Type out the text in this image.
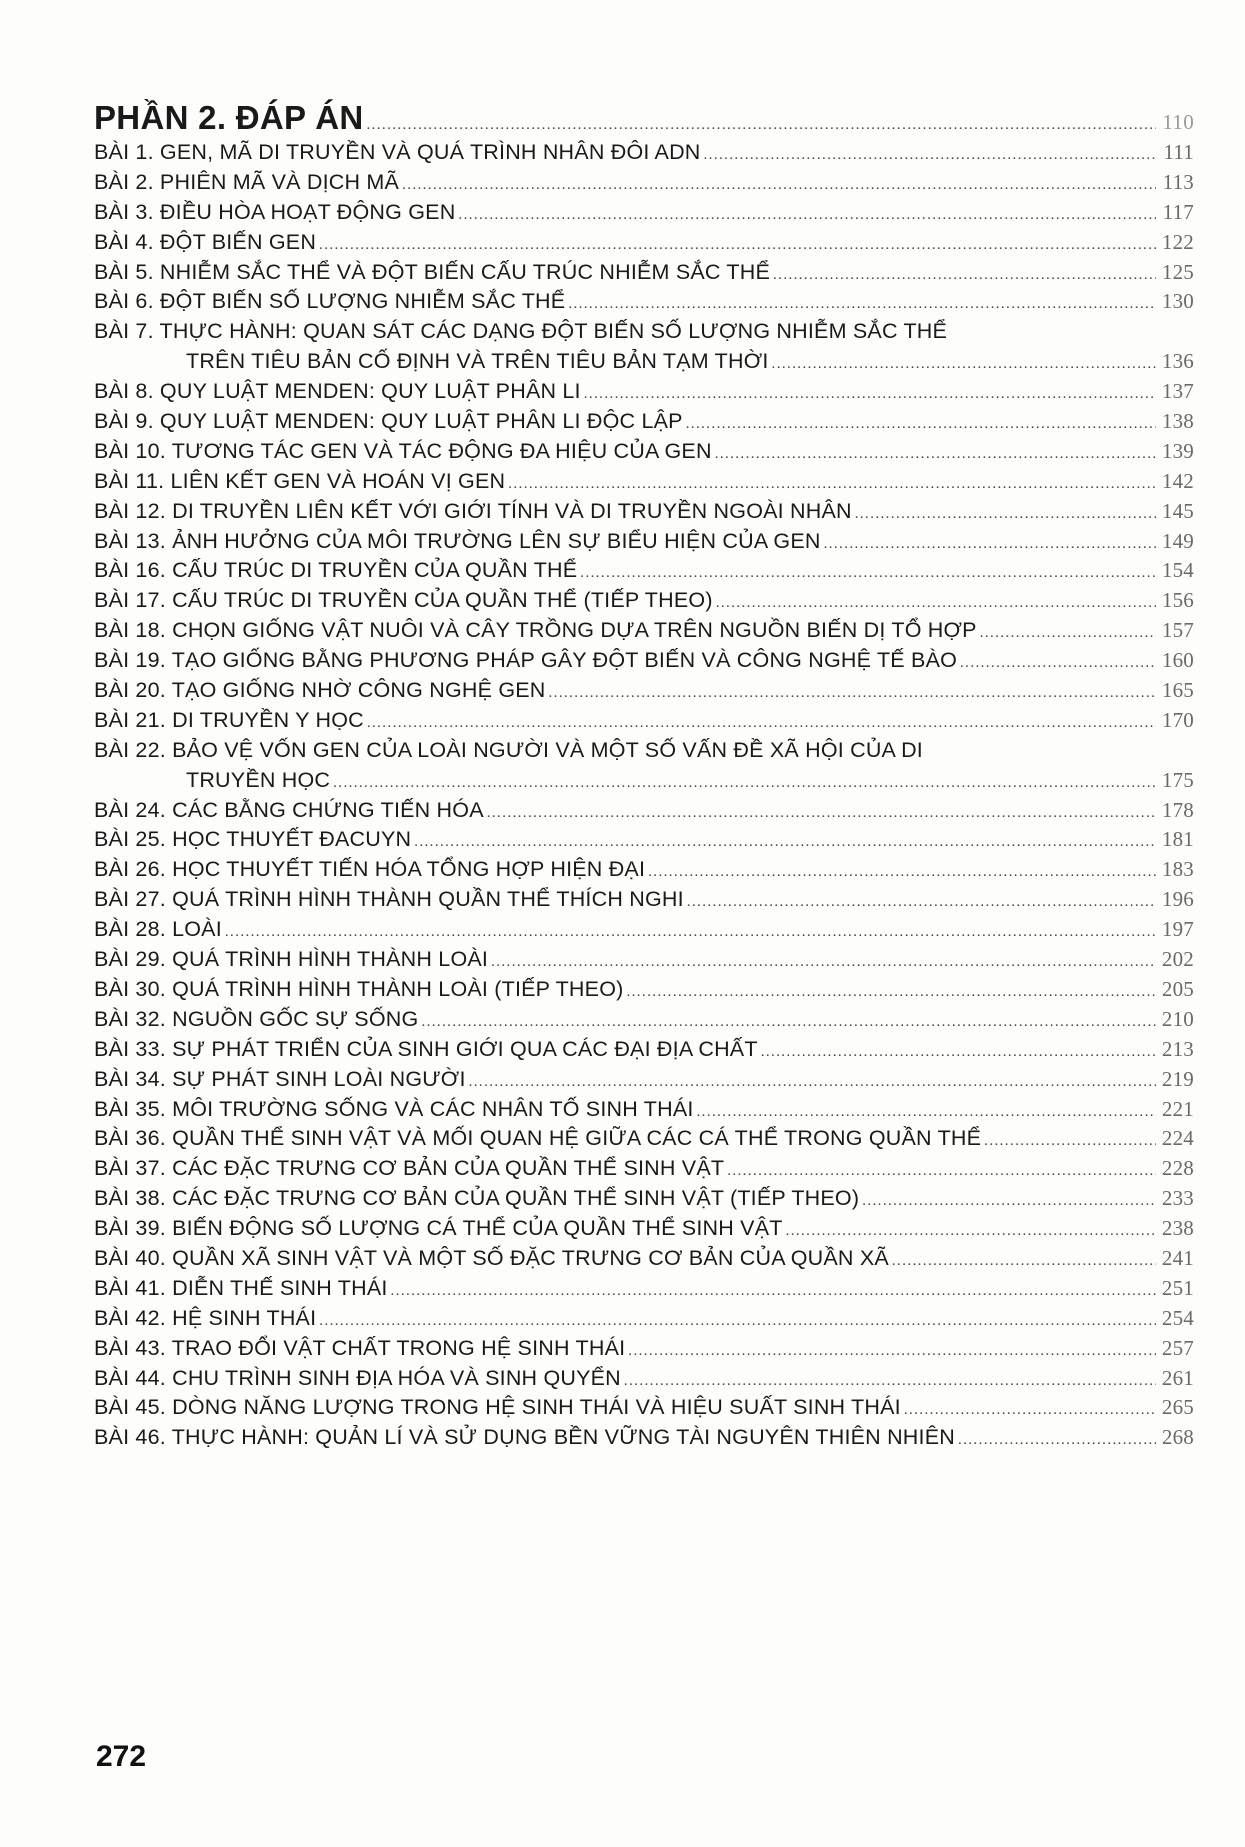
PHẦN 2. ĐÁP ÁN .....	110
BÀI 1. GEN, MÃ DI TRUYỀN VÀ QUÁ TRÌNH NHÂN ĐÔI ADN .....	111
BÀI 2. PHIÊN MÃ VÀ DỊCH MÃ .....	113
BÀI 3. ĐIỀU HÒA HOẠT ĐỘNG GEN .....	117
BÀI 4. ĐỘT BIẾN GEN .....	122
BÀI 5. NHIỄM SẮC THỂ VÀ ĐỘT BIẾN CẤU TRÚC NHIỄM SẮC THỂ .....	125
BÀI 6. ĐỘT BIẾN SỐ LƯỢNG NHIỄM SẮC THỂ .....	130
BÀI 7. THỰC HÀNH: QUAN SÁT CÁC DẠNG ĐỘT BIẾN SỐ LƯỢNG NHIỄM SẮC THỂ
TRÊN TIÊU BẢN CỐ ĐỊNH VÀ TRÊN TIÊU BẢN TẠM THỜI .....	136
BÀI 8. QUY LUẬT MENDEN: QUY LUẬT PHÂN LI .....	137
BÀI 9. QUY LUẬT MENDEN: QUY LUẬT PHÂN LI ĐỘC LẬP .....	138
BÀI 10. TƯƠNG TÁC GEN VÀ TÁC ĐỘNG ĐA HIỆU CỦA GEN .....	139
BÀI 11. LIÊN KẾT GEN VÀ HOÁN VỊ GEN .....	142
BÀI 12. DI TRUYỀN LIÊN KẾT VỚI GIỚI TÍNH VÀ DI TRUYỀN NGOÀI NHÂN .....	145
BÀI 13. ẢNH HƯỞNG CỦA MÔI TRƯỜNG LÊN SỰ BIỂU HIỆN CỦA GEN .....	149
BÀI 16. CẤU TRÚC DI TRUYỀN CỦA QUẦN THỂ .....	154
BÀI 17. CẤU TRÚC DI TRUYỀN CỦA QUẦN THỂ (TIẾP THEO) .....	156
BÀI 18. CHỌN GIỐNG VẬT NUÔI VÀ CÂY TRỒNG DỰA TRÊN NGUỒN BIẾN DỊ TỔ HỢP .....	157
BÀI 19. TẠO GIỐNG BẰNG PHƯƠNG PHÁP GÂY ĐỘT BIẾN VÀ CÔNG NGHỆ TẾ BÀO .....	160
BÀI 20. TẠO GIỐNG NHỜ CÔNG NGHỆ GEN .....	165
BÀI 21. DI TRUYỀN Y HỌC .....	170
BÀI 22. BẢO VỆ VỐN GEN CỦA LOÀI NGƯỜI VÀ MỘT SỐ VẤN ĐỀ XÃ HỘI CỦA DI
TRUYỀN HỌC .....	175
BÀI 24. CÁC BẰNG CHỨNG TIẾN HÓA .....	178
BÀI 25. HỌC THUYẾT ĐACUYN .....	181
BÀI 26. HỌC THUYẾT TIẾN HÓA TỔNG HỢP HIỆN ĐẠI .....	183
BÀI 27. QUÁ TRÌNH HÌNH THÀNH QUẦN THỂ THÍCH NGHI .....	196
BÀI 28. LOÀI .....	197
BÀI 29. QUÁ TRÌNH HÌNH THÀNH LOÀI .....	202
BÀI 30. QUÁ TRÌNH HÌNH THÀNH LOÀI (TIẾP THEO) .....	205
BÀI 32. NGUỒN GỐC SỰ SỐNG .....	210
BÀI 33. SỰ PHÁT TRIỂN CỦA SINH GIỚI QUA CÁC ĐẠI ĐỊA CHẤT .....	213
BÀI 34. SỰ PHÁT SINH LOÀI NGƯỜI .....	219
BÀI 35. MÔI TRƯỜNG SỐNG VÀ CÁC NHÂN TỐ SINH THÁI .....	221
BÀI 36. QUẦN THỂ SINH VẬT VÀ MỐI QUAN HỆ GIỮA CÁC CÁ THỂ TRONG QUẦN THỂ .....	224
BÀI 37. CÁC ĐẶC TRƯNG CƠ BẢN CỦA QUẦN THỂ SINH VẬT .....	228
BÀI 38. CÁC ĐẶC TRƯNG CƠ BẢN CỦA QUẦN THỂ SINH VẬT (TIẾP THEO) .....	233
BÀI 39. BIẾN ĐỘNG SỐ LƯỢNG CÁ THỂ CỦA QUẦN THỂ SINH VẬT .....	238
BÀI 40. QUẦN XÃ SINH VẬT VÀ MỘT SỐ ĐẶC TRƯNG CƠ BẢN CỦA QUẦN XÃ .....	241
BÀI 41. DIỄN THẾ SINH THÁI .....	251
BÀI 42. HỆ SINH THÁI .....	254
BÀI 43. TRAO ĐỔI VẬT CHẤT TRONG HỆ SINH THÁI .....	257
BÀI 44. CHU TRÌNH SINH ĐỊA HÓA VÀ SINH QUYỂN .....	261
BÀI 45. DÒNG NĂNG LƯỢNG TRONG HỆ SINH THÁI VÀ HIỆU SUẤT SINH THÁI .....	265
BÀI 46. THỰC HÀNH: QUẢN LÍ VÀ SỬ DỤNG BỀN VỮNG TÀI NGUYÊN THIÊN NHIÊN .....	268
272
